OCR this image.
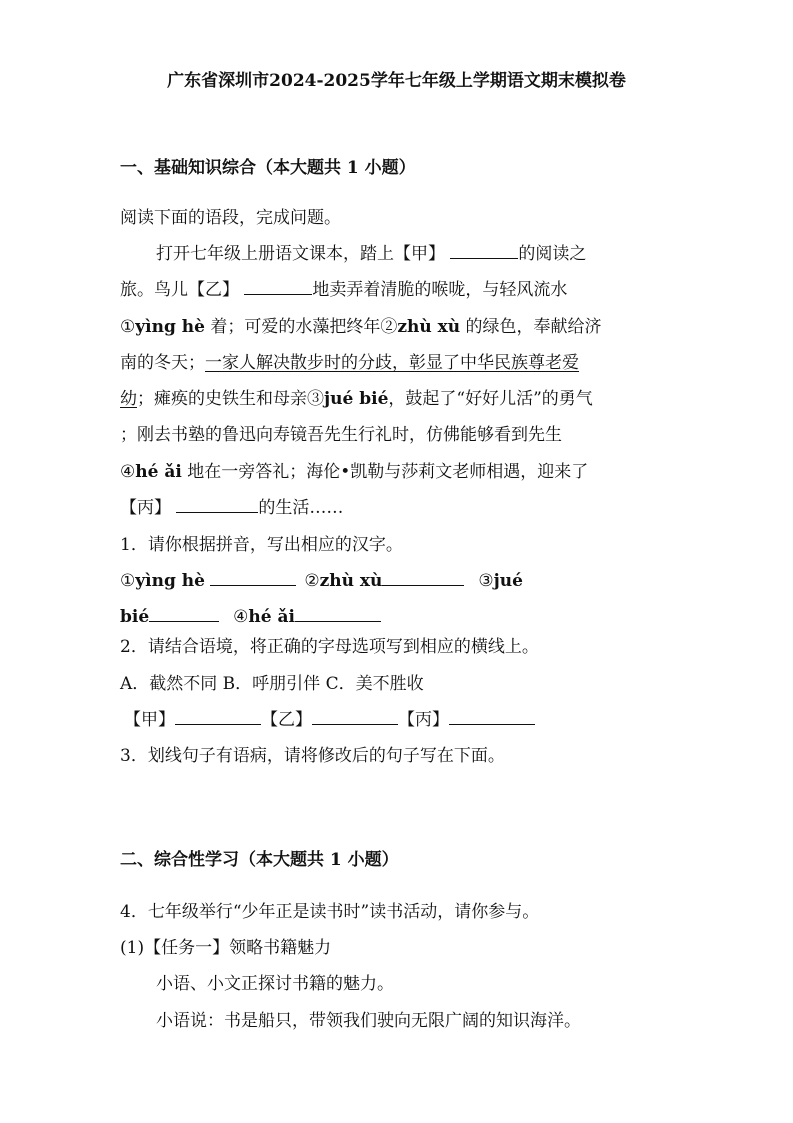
广东省深圳市2024-2025学年七年级上学期语文期末模拟卷
一、基础知识综合（本大题共 1 小题）
阅读下面的语段，完成问题。
打开七年级上册语文课本，踏上【甲】	的阅读之
旅。鸟儿【乙】	地卖弄着清脆的喉咙，与轻风流水
①yìng hè 着；可爱的水藻把终年②zhù xù 的绿色，奉献给济
南的冬天；一家人解决散步时的分歧，彰显了中华民族尊老爱
幼；瘫痪的史铁生和母亲③jué bié，鼓起了“好好儿活”的勇气
；刚去书塾的鲁迅向寿镜吾先生行礼时，仿佛能够看到先生
④hé ǎi 地在一旁答礼；海伦•凯勒与莎莉文老师相遇，迎来了
【丙】	的生活……
1．请你根据拼音，写出相应的汉字。
①yìng hè	②zhù xù	③jué
bié	④hé ǎi
2．请结合语境，将正确的字母选项写到相应的横线上。
A．截然不同 B．呼朋引伴 C．美不胜收
【甲】	【乙】	【丙】
3．划线句子有语病，请将修改后的句子写在下面。
二、综合性学习（本大题共 1 小题）
4．七年级举行“少年正是读书时”读书活动，请你参与。
(1)【任务一】领略书籍魅力
小语、小文正探讨书籍的魅力。
小语说：书是船只，带领我们驶向无限广阔的知识海洋。
